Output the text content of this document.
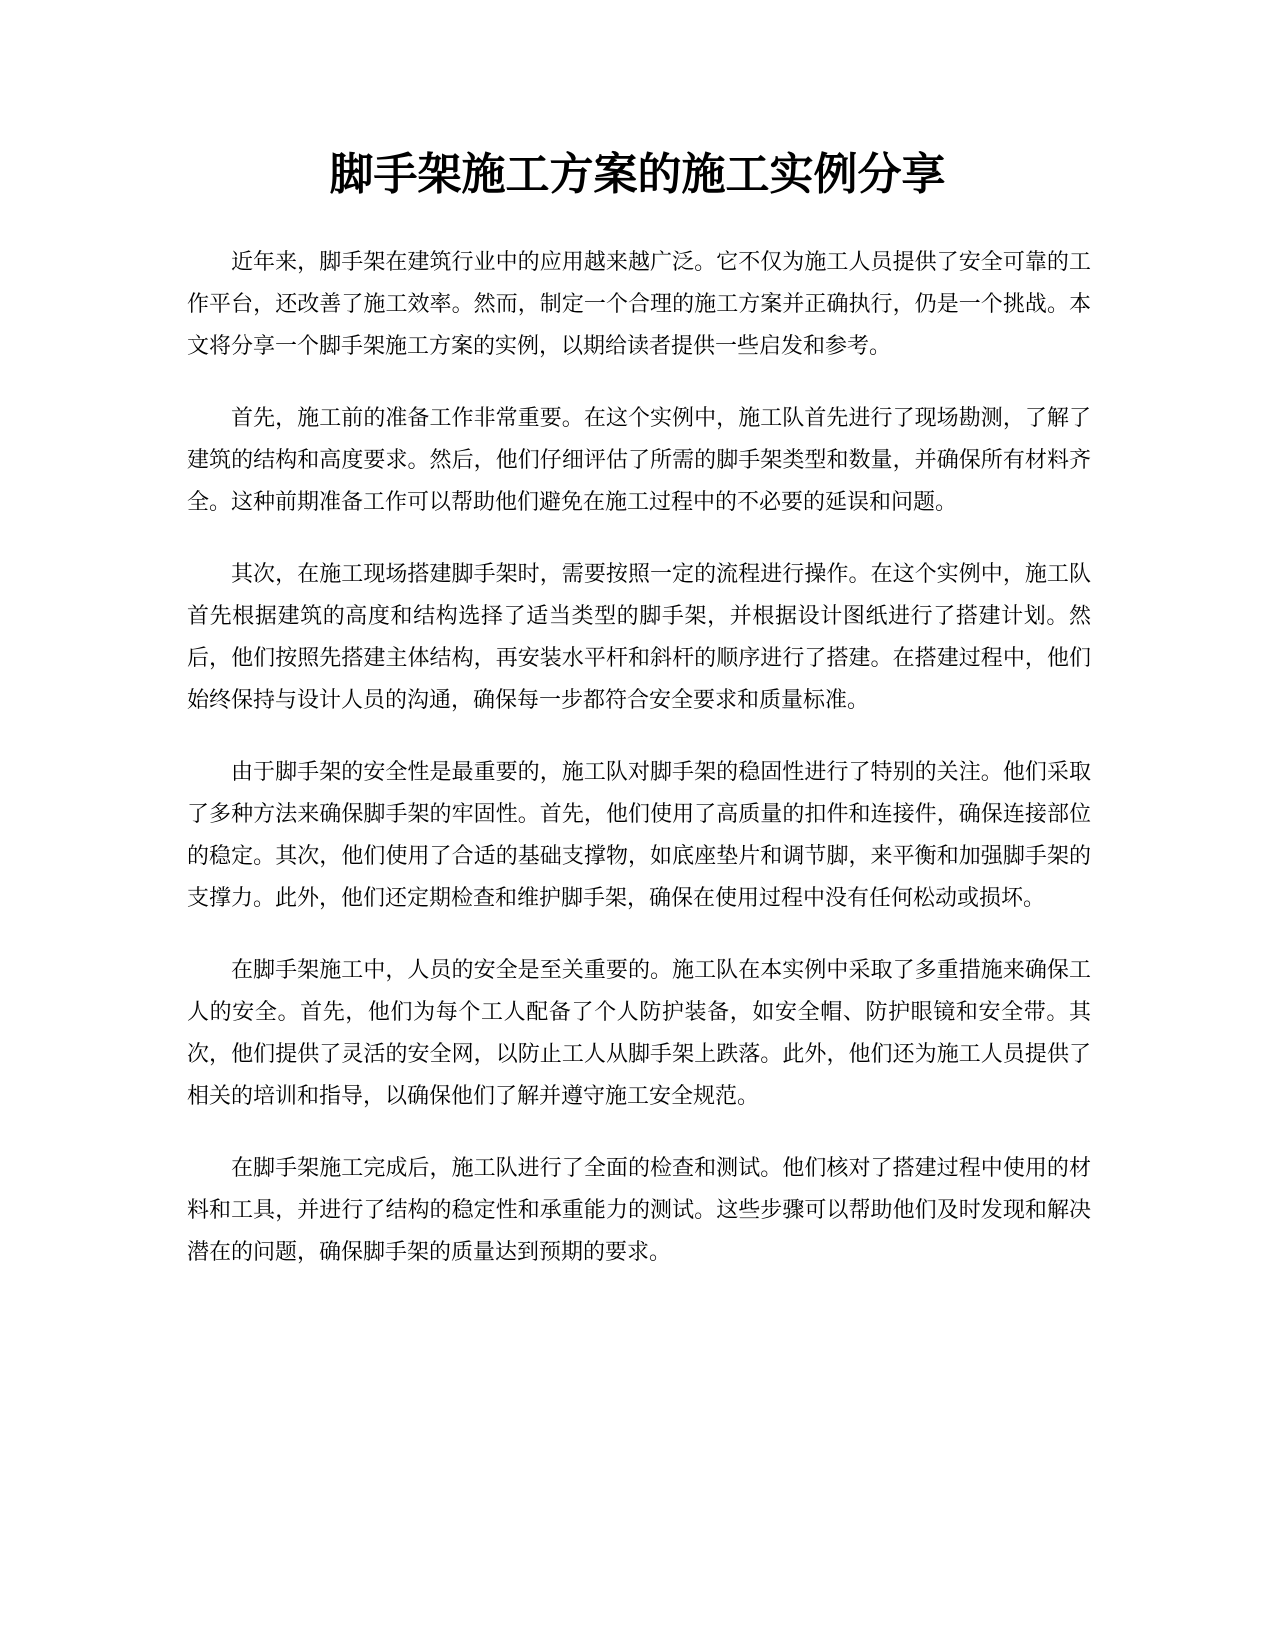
脚手架施工方案的施工实例分享

近年来，脚手架在建筑行业中的应用越来越广泛。它不仅为施工人员提供了安全可靠的工作平台，还改善了施工效率。然而，制定一个合理的施工方案并正确执行，仍是一个挑战。本文将分享一个脚手架施工方案的实例，以期给读者提供一些启发和参考。

首先，施工前的准备工作非常重要。在这个实例中，施工队首先进行了现场勘测，了解了建筑的结构和高度要求。然后，他们仔细评估了所需的脚手架类型和数量，并确保所有材料齐全。这种前期准备工作可以帮助他们避免在施工过程中的不必要的延误和问题。

其次，在施工现场搭建脚手架时，需要按照一定的流程进行操作。在这个实例中，施工队首先根据建筑的高度和结构选择了适当类型的脚手架，并根据设计图纸进行了搭建计划。然后，他们按照先搭建主体结构，再安装水平杆和斜杆的顺序进行了搭建。在搭建过程中，他们始终保持与设计人员的沟通，确保每一步都符合安全要求和质量标准。

由于脚手架的安全性是最重要的，施工队对脚手架的稳固性进行了特别的关注。他们采取了多种方法来确保脚手架的牢固性。首先，他们使用了高质量的扣件和连接件，确保连接部位的稳定。其次，他们使用了合适的基础支撑物，如底座垫片和调节脚，来平衡和加强脚手架的支撑力。此外，他们还定期检查和维护脚手架，确保在使用过程中没有任何松动或损坏。

在脚手架施工中，人员的安全是至关重要的。施工队在本实例中采取了多重措施来确保工人的安全。首先，他们为每个工人配备了个人防护装备，如安全帽、防护眼镜和安全带。其次，他们提供了灵活的安全网，以防止工人从脚手架上跌落。此外，他们还为施工人员提供了相关的培训和指导，以确保他们了解并遵守施工安全规范。

在脚手架施工完成后，施工队进行了全面的检查和测试。他们核对了搭建过程中使用的材料和工具，并进行了结构的稳定性和承重能力的测试。这些步骤可以帮助他们及时发现和解决潜在的问题，确保脚手架的质量达到预期的要求。
